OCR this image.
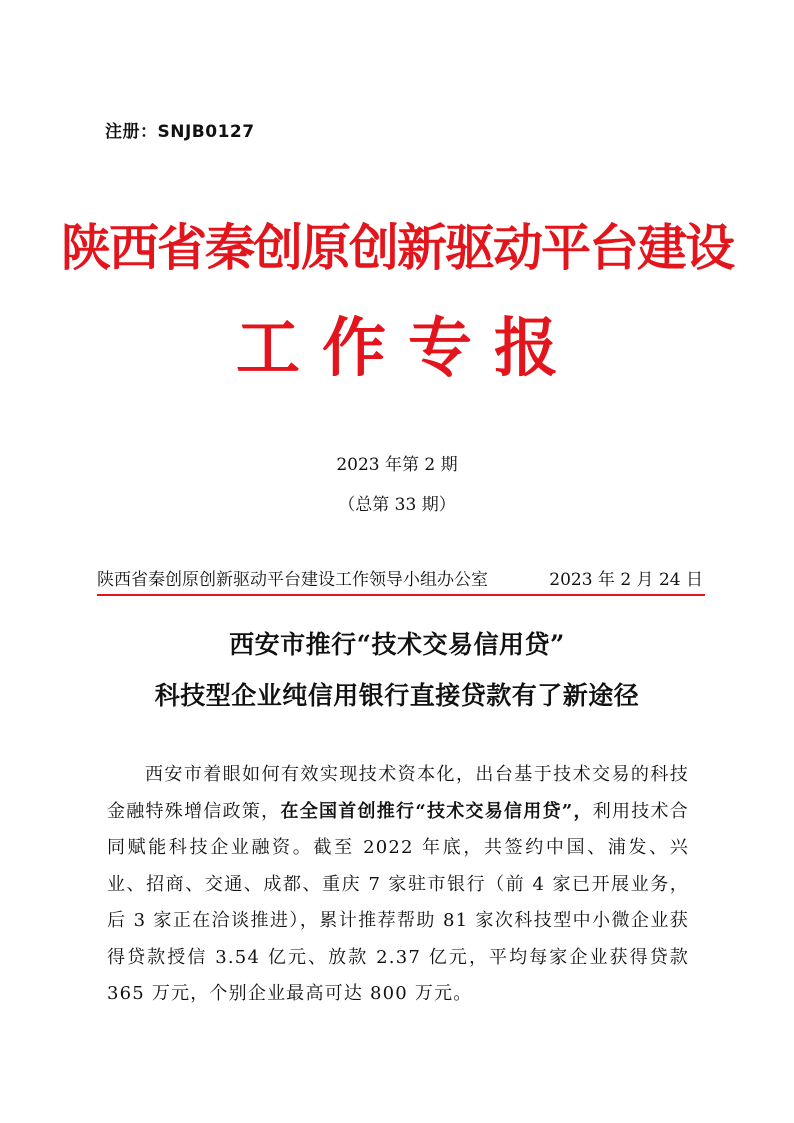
注册：SNJB0127
陕西省秦创原创新驱动平台建设
工作专报
2023 年第 2 期
（总第 33 期）
陕西省秦创原创新驱动平台建设工作领导小组办公室	2023 年 2 月 24 日
西安市推行“技术交易信用贷”
科技型企业纯信用银行直接贷款有了新途径

西安市着眼如何有效实现技术资本化，出台基于技术交易的科技金融特殊增信政策，在全国首创推行“技术交易信用贷”，利用技术合同赋能科技企业融资。截至 2022 年底，共签约中国、浦发、兴业、招商、交通、成都、重庆 7 家驻市银行（前 4 家已开展业务，后 3 家正在洽谈推进），累计推荐帮助 81 家次科技型中小微企业获得贷款授信 3.54 亿元、放款 2.37 亿元，平均每家企业获得贷款 365 万元，个别企业最高可达 800 万元。
